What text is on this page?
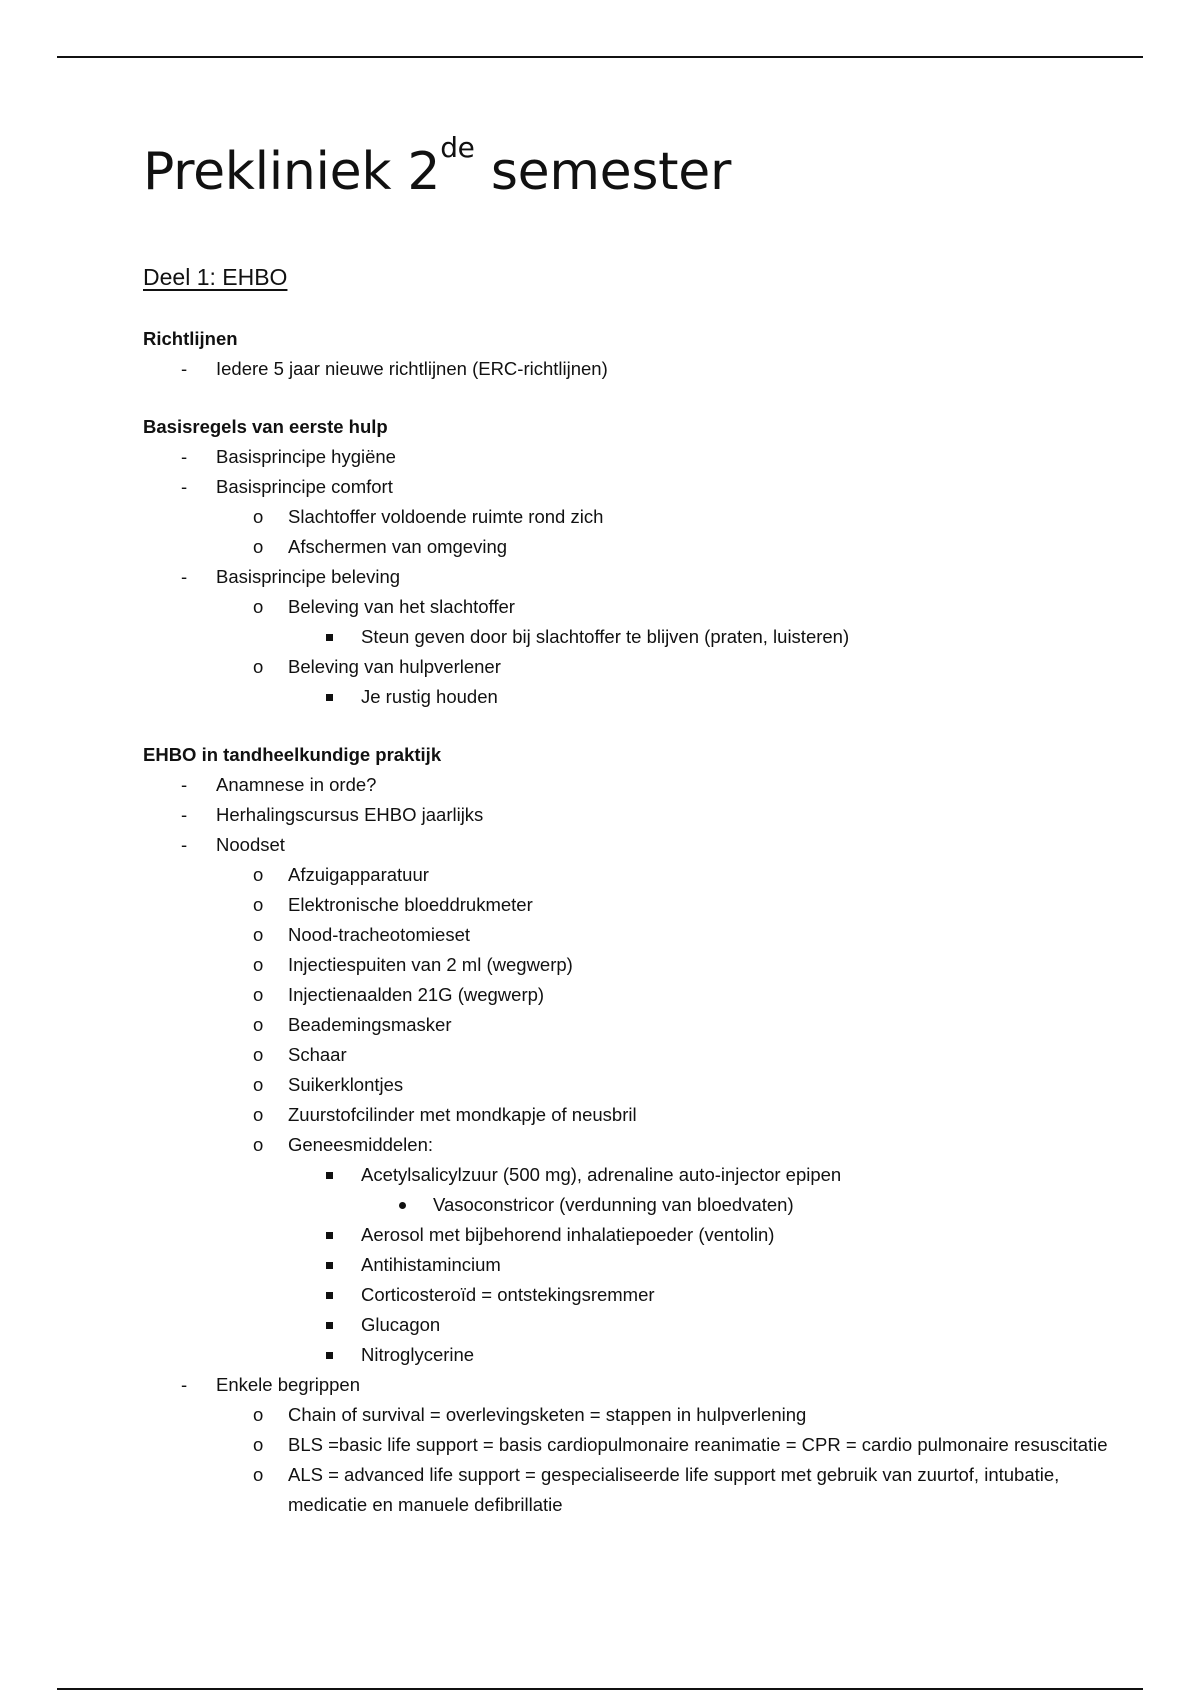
Prekliniek 2de semester
Deel 1: EHBO
Richtlijnen
- Iedere 5 jaar nieuwe richtlijnen (ERC-richtlijnen)
Basisregels van eerste hulp
- Basisprincipe hygiëne
- Basisprincipe comfort
o Slachtoffer voldoende ruimte rond zich
o Afschermen van omgeving
- Basisprincipe beleving
o Beleving van het slachtoffer
Steun geven door bij slachtoffer te blijven (praten, luisteren)
o Beleving van hulpverlener
Je rustig houden
EHBO in tandheelkundige praktijk
- Anamnese in orde?
- Herhalingscursus EHBO jaarlijks
- Noodset
o Afzuigapparatuur
o Elektronische bloeddrukmeter
o Nood-tracheotomieset
o Injectiespuiten van 2 ml (wegwerp)
o Injectienaalden 21G (wegwerp)
o Beademingsmasker
o Schaar
o Suikerklontjes
o Zuurstofcilinder met mondkapje of neusbril
o Geneesmiddelen:
Acetylsalicylzuur (500 mg), adrenaline auto-injector epipen
Vasoconstricor (verdunning van bloedvaten)
Aerosol met bijbehorend inhalatiepoeder (ventolin)
Antihistamincium
Corticosteroïd = ontstekingsremmer
Glucagon
Nitroglycerine
- Enkele begrippen
o Chain of survival = overlevingsketen = stappen in hulpverlening
o BLS =basic life support = basis cardiopulmonaire reanimatie = CPR = cardio pulmonaire resuscitatie
o ALS = advanced life support = gespecialiseerde life support met gebruik van zuurtof, intubatie, medicatie en manuele defibrillatie
